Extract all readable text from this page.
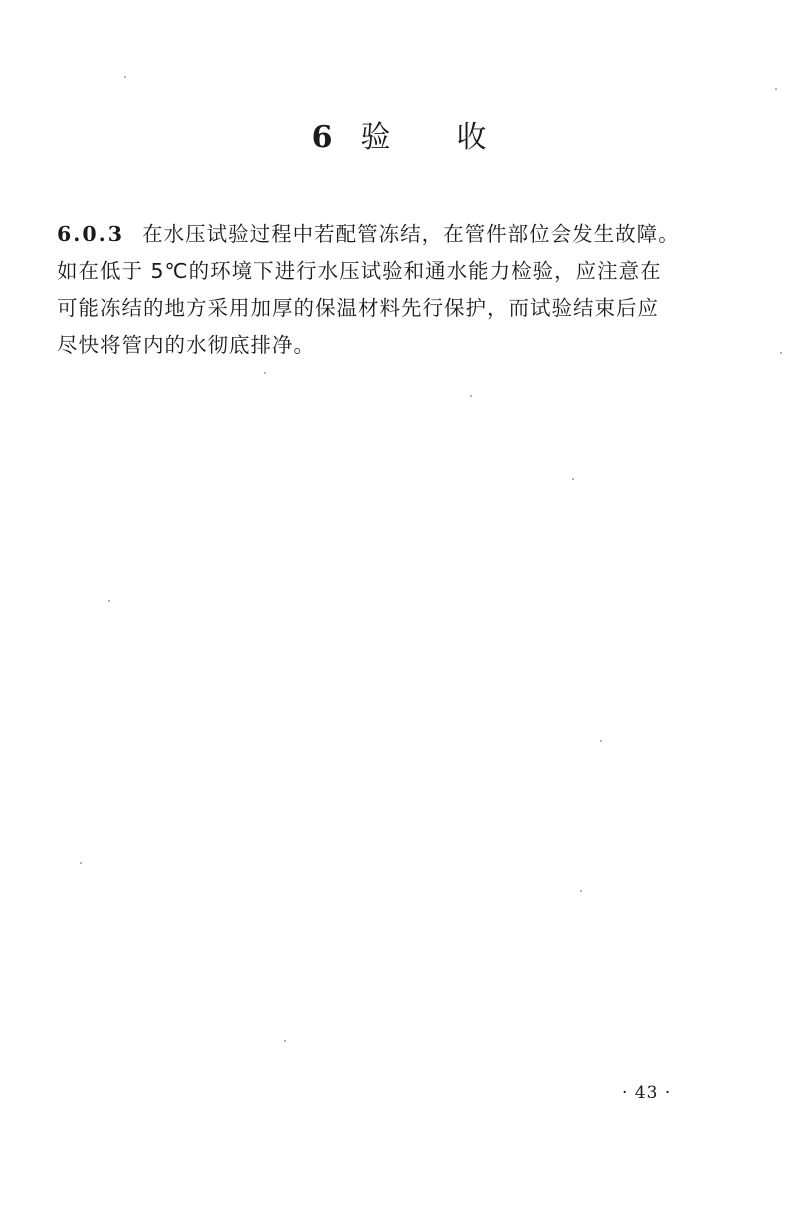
6 验 收
6.0.3 在水压试验过程中若配管冻结，在管件部位会发生故障。
如在低于 5℃的环境下进行水压试验和通水能力检验，应注意在
可能冻结的地方采用加厚的保温材料先行保护，而试验结束后应
尽快将管内的水彻底排净。
· 43 ·
